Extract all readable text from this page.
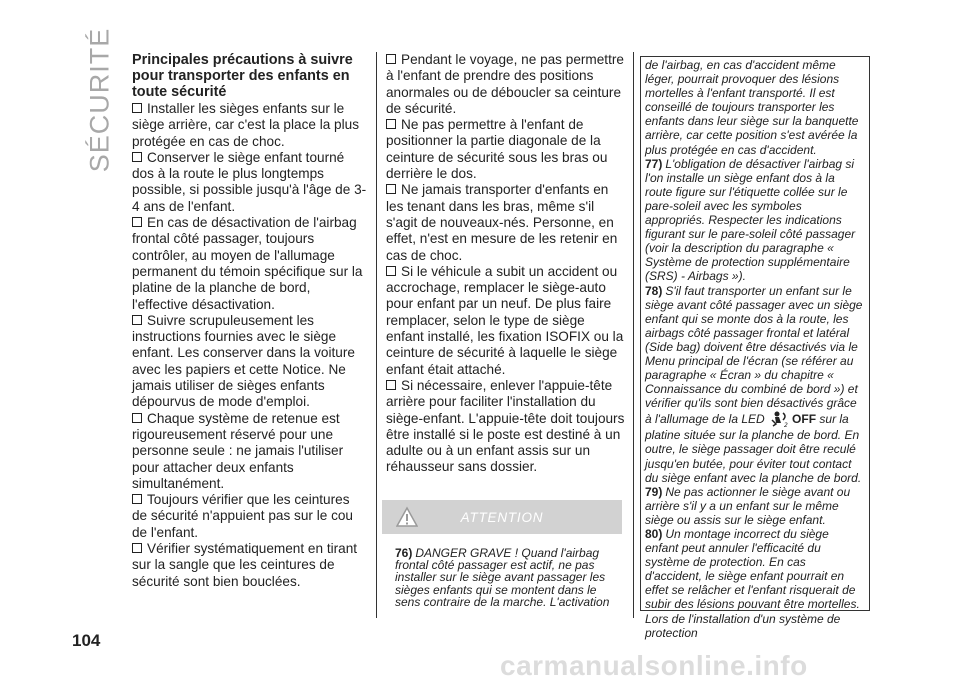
SÉCURITÉ Principales précautions à suivre pour transporter des enfants en toute sécurité

Installer les sièges enfants sur le siège arrière, car c'est la place la plus protégée en cas de choc.

Conserver le siège enfant tourné dos à la route le plus longtemps possible, si possible jusqu'à l'âge de 3-4 ans de l'enfant.

En cas de désactivation de l'airbag frontal côté passager, toujours contrôler, au moyen de l'allumage permanent du témoin spécifique sur la platine de la planche de bord, l'effective désactivation.

Suivre scrupuleusement les instructions fournies avec le siège enfant. Les conserver dans la voiture avec les papiers et cette Notice. Ne jamais utiliser de sièges enfants dépourvus de mode d'emploi.

Chaque système de retenue est rigoureusement réservé pour une personne seule : ne jamais l'utiliser pour attacher deux enfants simultanément.

Toujours vérifier que les ceintures de sécurité n'appuient pas sur le cou de l'enfant.

Vérifier systématiquement en tirant sur la sangle que les ceintures de sécurité sont bien bouclées.

Pendant le voyage, ne pas permettre à l'enfant de prendre des positions anormales ou de déboucler sa ceinture de sécurité.

Ne pas permettre à l'enfant de positionner la partie diagonale de la ceinture de sécurité sous les bras ou derrière le dos.

Ne jamais transporter d'enfants en les tenant dans les bras, même s'il s'agit de nouveaux-nés. Personne, en effet, n'est en mesure de les retenir en cas de choc.

Si le véhicule a subit un accident ou accrochage, remplacer le siège-auto pour enfant par un neuf. De plus faire remplacer, selon le type de siège enfant installé, les fixation ISOFIX ou la ceinture de sécurité à laquelle le siège enfant était attaché.

Si nécessaire, enlever l'appuie-tête arrière pour faciliter l'installation du siège-enfant. L'appuie-tête doit toujours être installé si le poste est destiné à un adulte ou à un enfant assis sur un réhausseur sans dossier.

ATTENTION
76) DANGER GRAVE ! Quand l'airbag frontal côté passager est actif, ne pas installer sur le siège avant passager les sièges enfants qui se montent dans le sens contraire de la marche. L'activation
de l'airbag, en cas d'accident même léger, pourrait provoquer des lésions mortelles à l'enfant transporté. Il est conseillé de toujours transporter les enfants dans leur siège sur la banquette arrière, car cette position s'est avérée la plus protégée en cas d'accident.
77) L'obligation de désactiver l'airbag si l'on installe un siège enfant dos à la route figure sur l'étiquette collée sur le pare-soleil avec les symboles appropriés. Respecter les indications figurant sur le pare-soleil côté passager (voir la description du paragraphe « Système de protection supplémentaire (SRS) - Airbags »).
78) S'il faut transporter un enfant sur le siège avant côté passager avec un siège enfant qui se monte dos à la route, les airbags côté passager frontal et latéral (Side bag) doivent être désactivés via le Menu principal de l'écran (se référer au paragraphe « Écran » du chapitre « Connaissance du combiné de bord ») et vérifier qu'ils sont bien désactivés grâce à l'allumage de la LED	2 OFF sur la platine située sur la planche de bord. En outre, le siège passager doit être reculé jusqu'en butée, pour éviter tout contact du siège enfant avec la planche de bord.
79) Ne pas actionner le siège avant ou arrière s'il y a un enfant sur le même siège ou assis sur le siège enfant.
80) Un montage incorrect du siège enfant peut annuler l'efficacité du système de protection. En cas d'accident, le siège enfant pourrait en effet se relâcher et l'enfant risquerait de subir des lésions pouvant être mortelles. Lors de l'installation d'un système de protection
104
carmanualsonline.info
